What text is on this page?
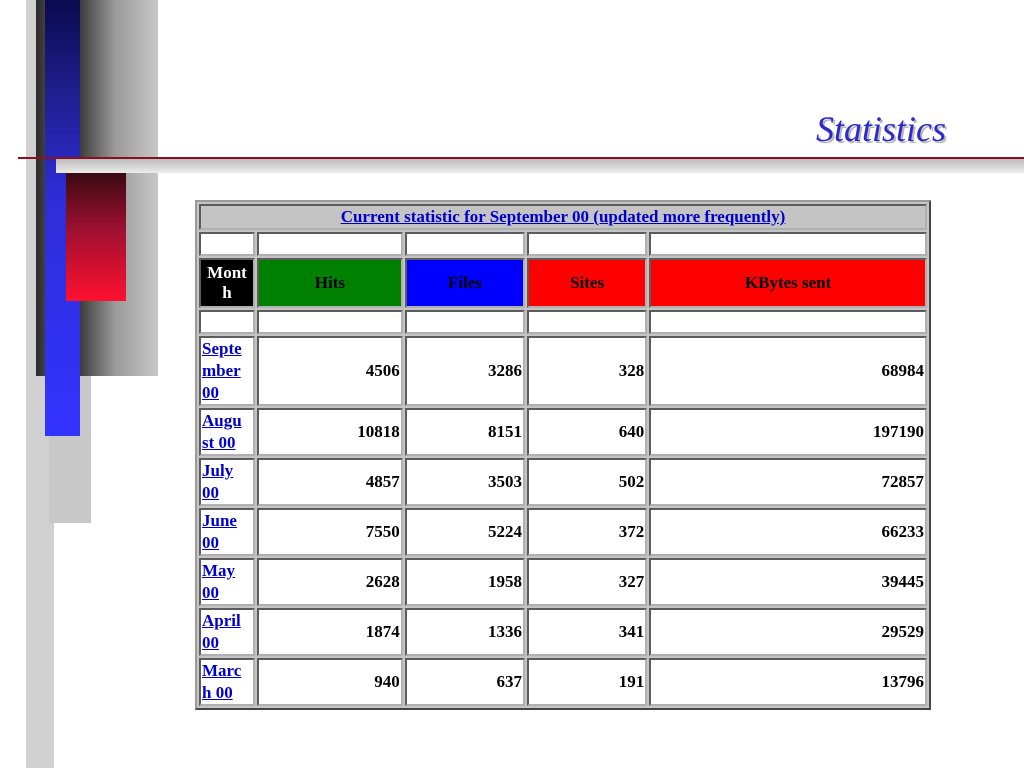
Statistics
Current statistic for September 00 (updated more frequently)				

Mont
h	Hits	Files	Sites	KBytes sent

Septe
mber
00	4506	3286	328	68984
Augu
st 00	10818	8151	640	197190
July
00	4857	3503	502	72857
June
00	7550	5224	372	66233
May
00	2628	1958	327	39445
April
00	1874	1336	341	29529
Marc
h 00	940	637	191	13796
